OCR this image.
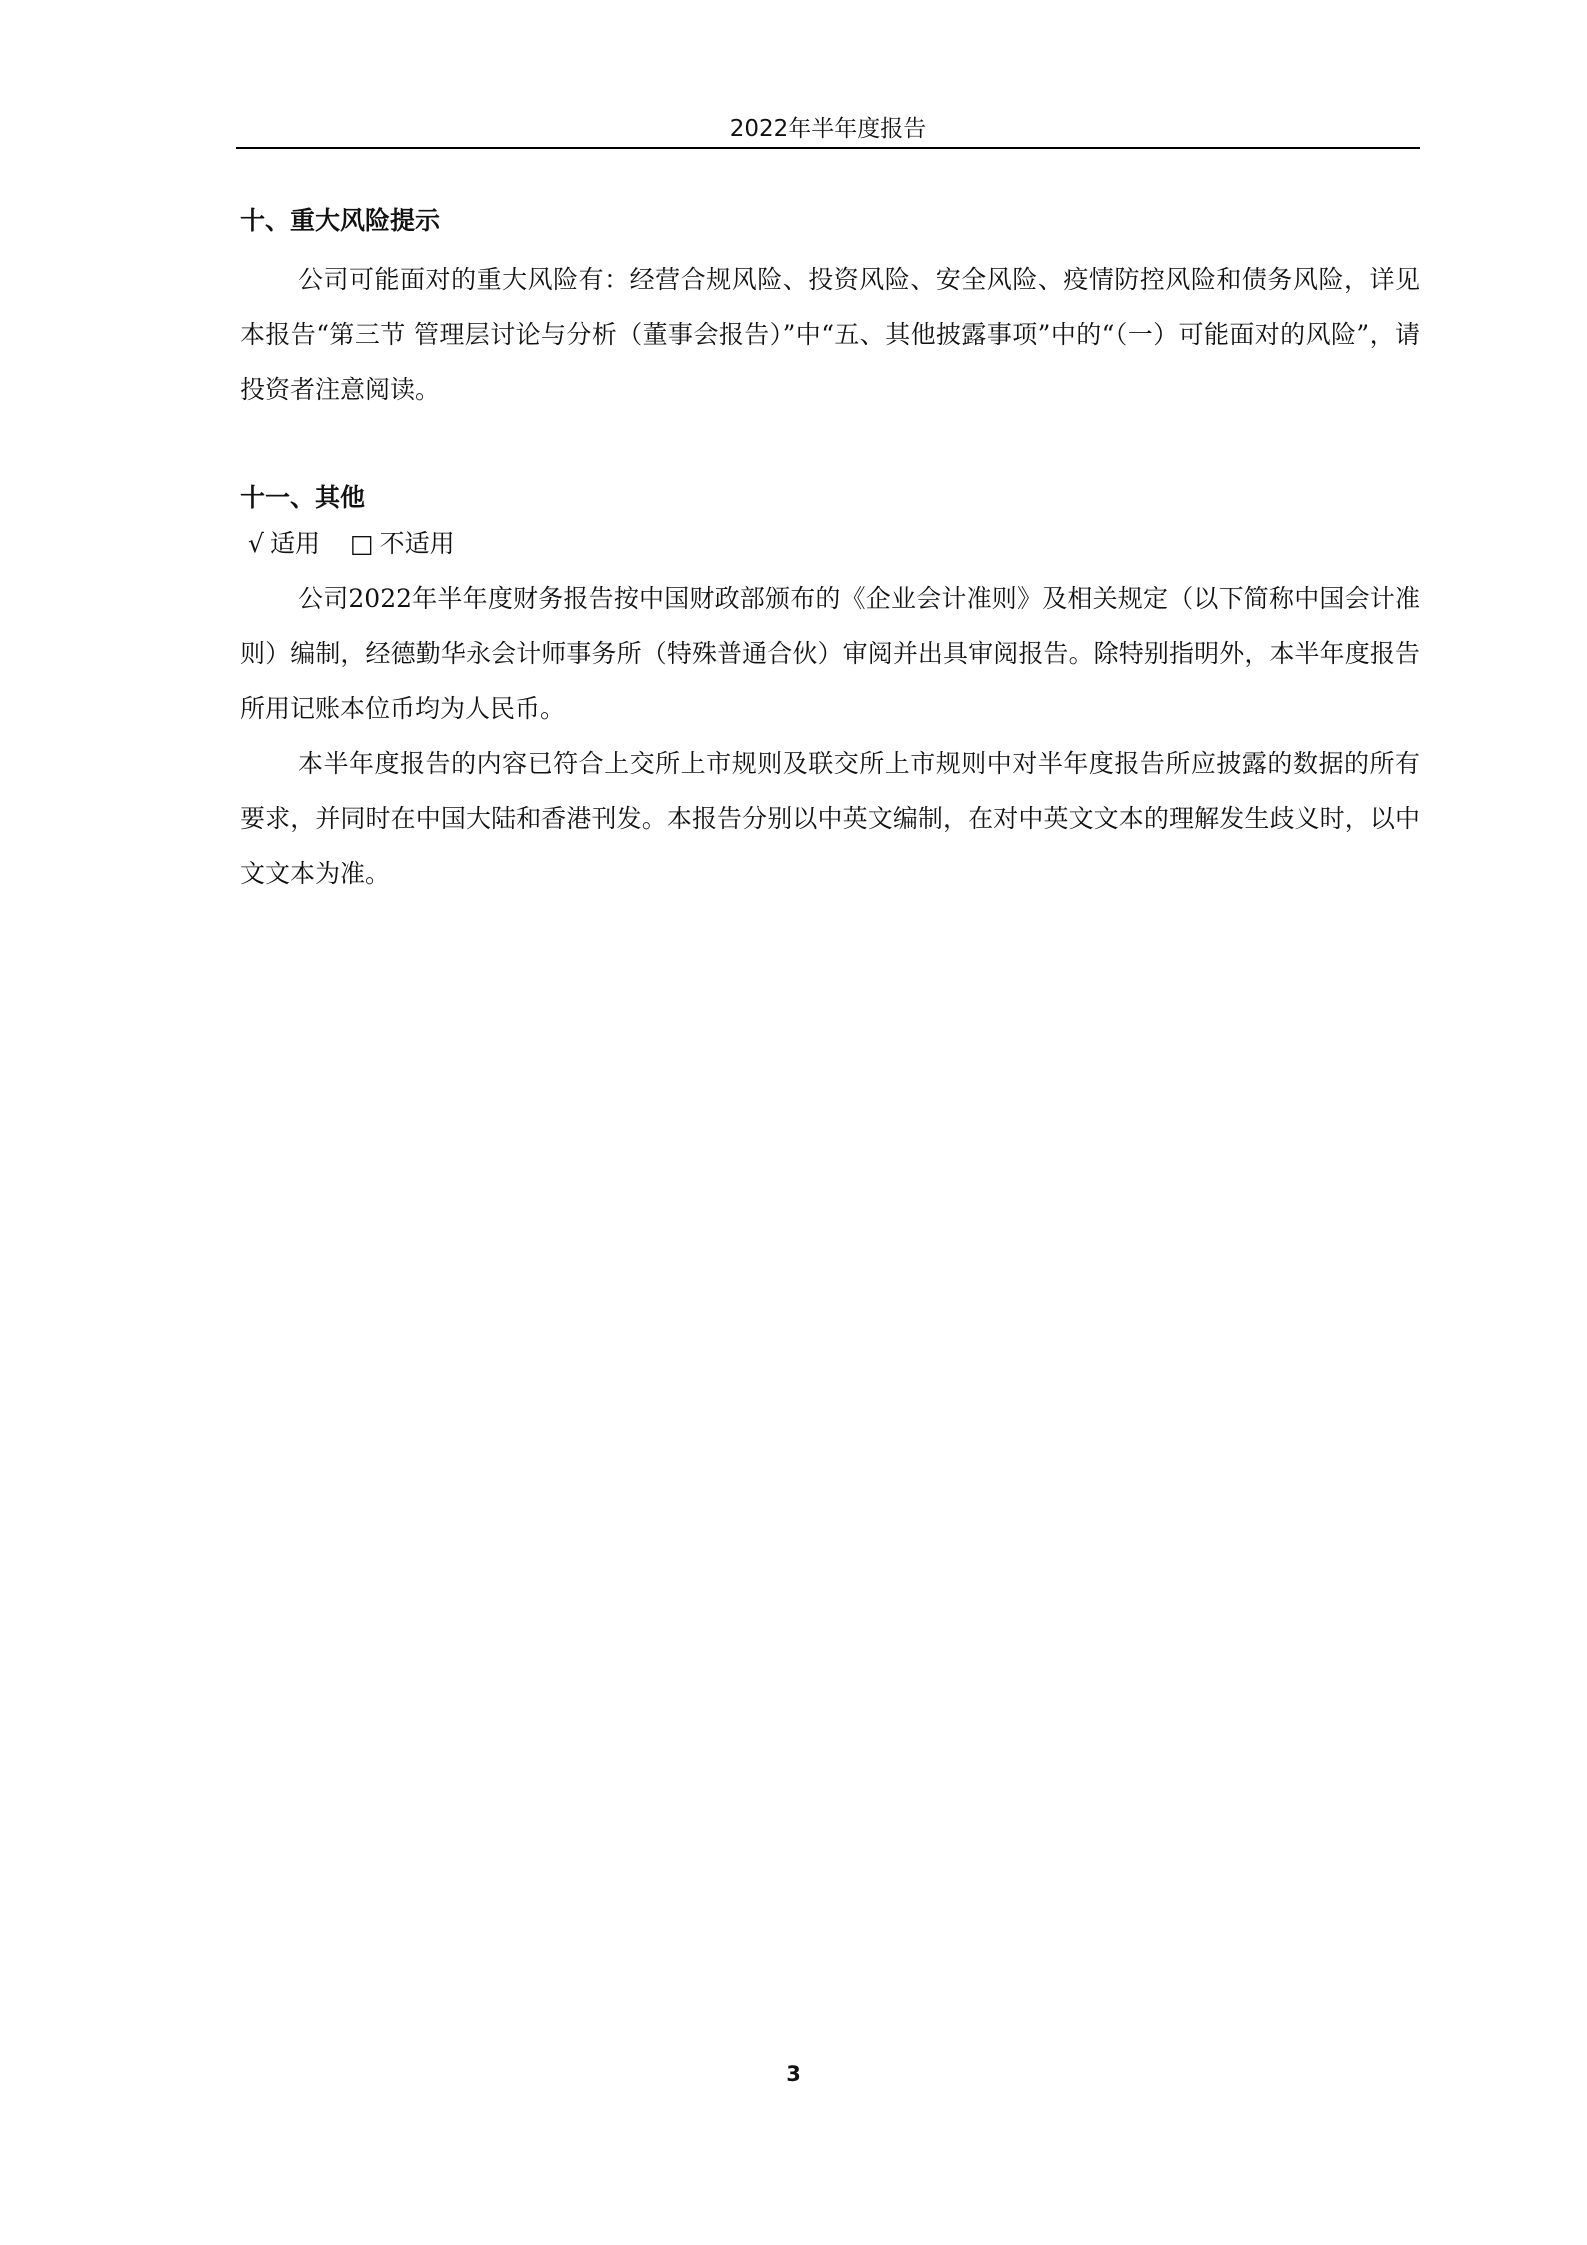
2022年半年度报告
十、重大风险提示

公司可能面对的重大风险有：经营合规风险、投资风险、安全风险、疫情防控风险和债务风险，详见本报告“第三节 管理层讨论与分析（董事会报告）”中“五、其他披露事项”中的“（一）可能面对的风险”，请投资者注意阅读。

十一、其他
√ 适用 □ 不适用

公司2022年半年度财务报告按中国财政部颁布的《企业会计准则》及相关规定（以下简称中国会计准则）编制，经德勤华永会计师事务所（特殊普通合伙）审阅并出具审阅报告。除特别指明外，本半年度报告所用记账本位币均为人民币。

本半年度报告的内容已符合上交所上市规则及联交所上市规则中对半年度报告所应披露的数据的所有要求，并同时在中国大陆和香港刊发。本报告分别以中英文编制，在对中英文文本的理解发生歧义时，以中文文本为准。

3
